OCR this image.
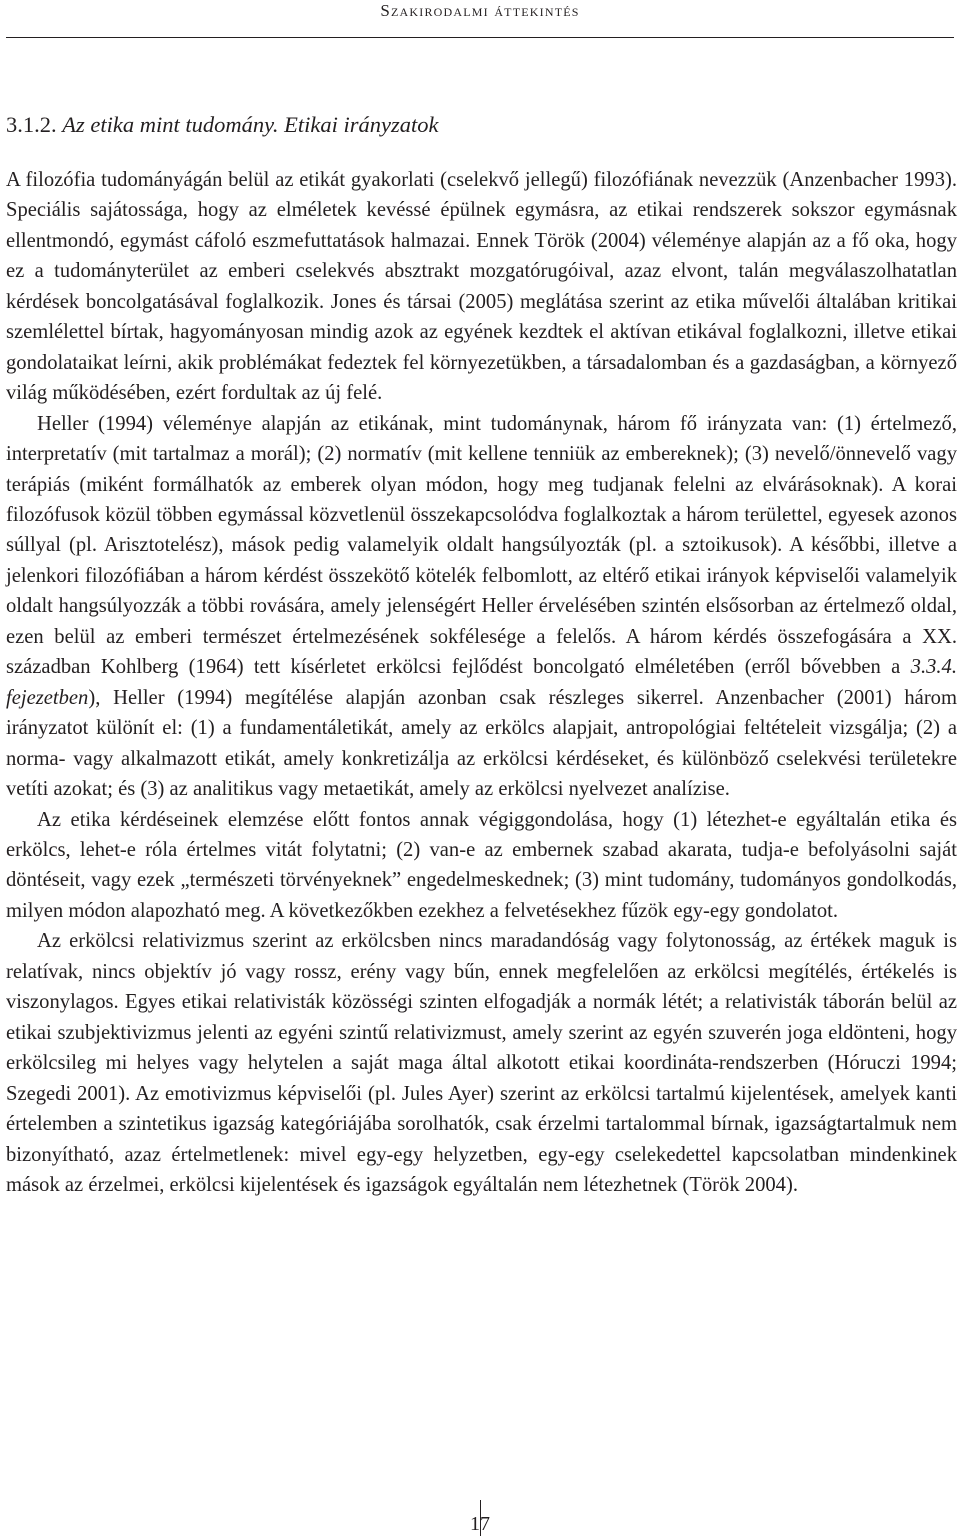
Szakirodalmi áttekintés
3.1.2. Az etika mint tudomány. Etikai irányzatok

A filozófia tudományágán belül az etikát gyakorlati (cselekvő jellegű) filozófiának nevezzük (Anzenbacher 1993). Speciális sajátossága, hogy az elméletek kevéssé épülnek egymásra, az etikai rendszerek sokszor egymásnak ellentmondó, egymást cáfoló eszmefuttatások halmazai. Ennek Török (2004) véleménye alapján az a fő oka, hogy ez a tudományterület az emberi cselekvés absztrakt mozgatórugóival, azaz elvont, talán megválaszolhatatlan kérdések boncolgatásával foglalkozik. Jones és társai (2005) meglátása szerint az etika művelői általában kritikai szemlélettel bírtak, hagyományosan mindig azok az egyének kezdtek el aktívan etikával foglalkozni, illetve etikai gondolataikat leírni, akik problémákat fedeztek fel környezetükben, a társadalomban és a gazdaságban, a környező világ működésében, ezért fordultak az új felé.

Heller (1994) véleménye alapján az etikának, mint tudománynak, három fő irányzata van: (1) értelmező, interpretatív (mit tartalmaz a morál); (2) normatív (mit kellene tenniük az embereknek); (3) nevelő/önnevelő vagy terápiás (miként formálhatók az emberek olyan módon, hogy meg tudjanak felelni az elvárásoknak). A korai filozófusok közül többen egymással közvetlenül összekapcsolódva foglalkoztak a három területtel, egyesek azonos súllyal (pl. Arisztotelész), mások pedig valamelyik oldalt hangsúlyozták (pl. a sztoikusok). A későbbi, illetve a jelenkori filozófiában a három kérdést összekötő kötelék felbomlott, az eltérő etikai irányok képviselői valamelyik oldalt hangsúlyozzák a többi rovására, amely jelenségért Heller érvelésében szintén elsősorban az értelmező oldal, ezen belül az emberi természet értelmezésének sokfélesége a felelős. A három kérdés összefogására a XX. században Kohlberg (1964) tett kísérletet erkölcsi fejlődést boncolgató elméletében (erről bővebben a 3.3.4. fejezetben), Heller (1994) megítélése alapján azonban csak részleges sikerrel. Anzenbacher (2001) három irányzatot különít el: (1) a fundamentáletikát, amely az erkölcs alapjait, antropológiai feltételeit vizsgálja; (2) a norma- vagy alkalmazott etikát, amely konkretizálja az erkölcsi kérdéseket, és különböző cselekvési területekre vetíti azokat; és (3) az analitikus vagy metaetikát, amely az erkölcsi nyelvezet analízise.

Az etika kérdéseinek elemzése előtt fontos annak végiggondolása, hogy (1) létezhet-e egyáltalán etika és erkölcs, lehet-e róla értelmes vitát folytatni; (2) van-e az embernek szabad akarata, tudja-e befolyásolni saját döntéseit, vagy ezek „természeti törvényeknek” engedelmeskednek; (3) mint tudomány, tudományos gondolkodás, milyen módon alapozható meg. A következőkben ezekhez a felvetésekhez fűzök egy-egy gondolatot.

Az erkölcsi relativizmus szerint az erkölcsben nincs maradandóság vagy folytonosság, az értékek maguk is relatívak, nincs objektív jó vagy rossz, erény vagy bűn, ennek megfelelően az erkölcsi megítélés, értékelés is viszonylagos. Egyes etikai relativisták közösségi szinten elfogadják a normák létét; a relativisták táborán belül az etikai szubjektivizmus jelenti az egyéni szintű relativizmust, amely szerint az egyén szuverén joga eldönteni, hogy erkölcsileg mi helyes vagy helytelen a saját maga által alkotott etikai koordináta-rendszerben (Hóruczi 1994; Szegedi 2001). Az emotivizmus képviselői (pl. Jules Ayer) szerint az erkölcsi tartalmú kijelentések, amelyek kanti értelemben a szintetikus igazság kategóriájába sorolhatók, csak érzelmi tartalommal bírnak, igazságtartalmuk nem bizonyítható, azaz értelmetlenek: mivel egy-egy helyzetben, egy-egy cselekedettel kapcsolatban mindenkinek mások az érzelmei, erkölcsi kijelentések és igazságok egyáltalán nem létezhetnek (Török 2004).

17
